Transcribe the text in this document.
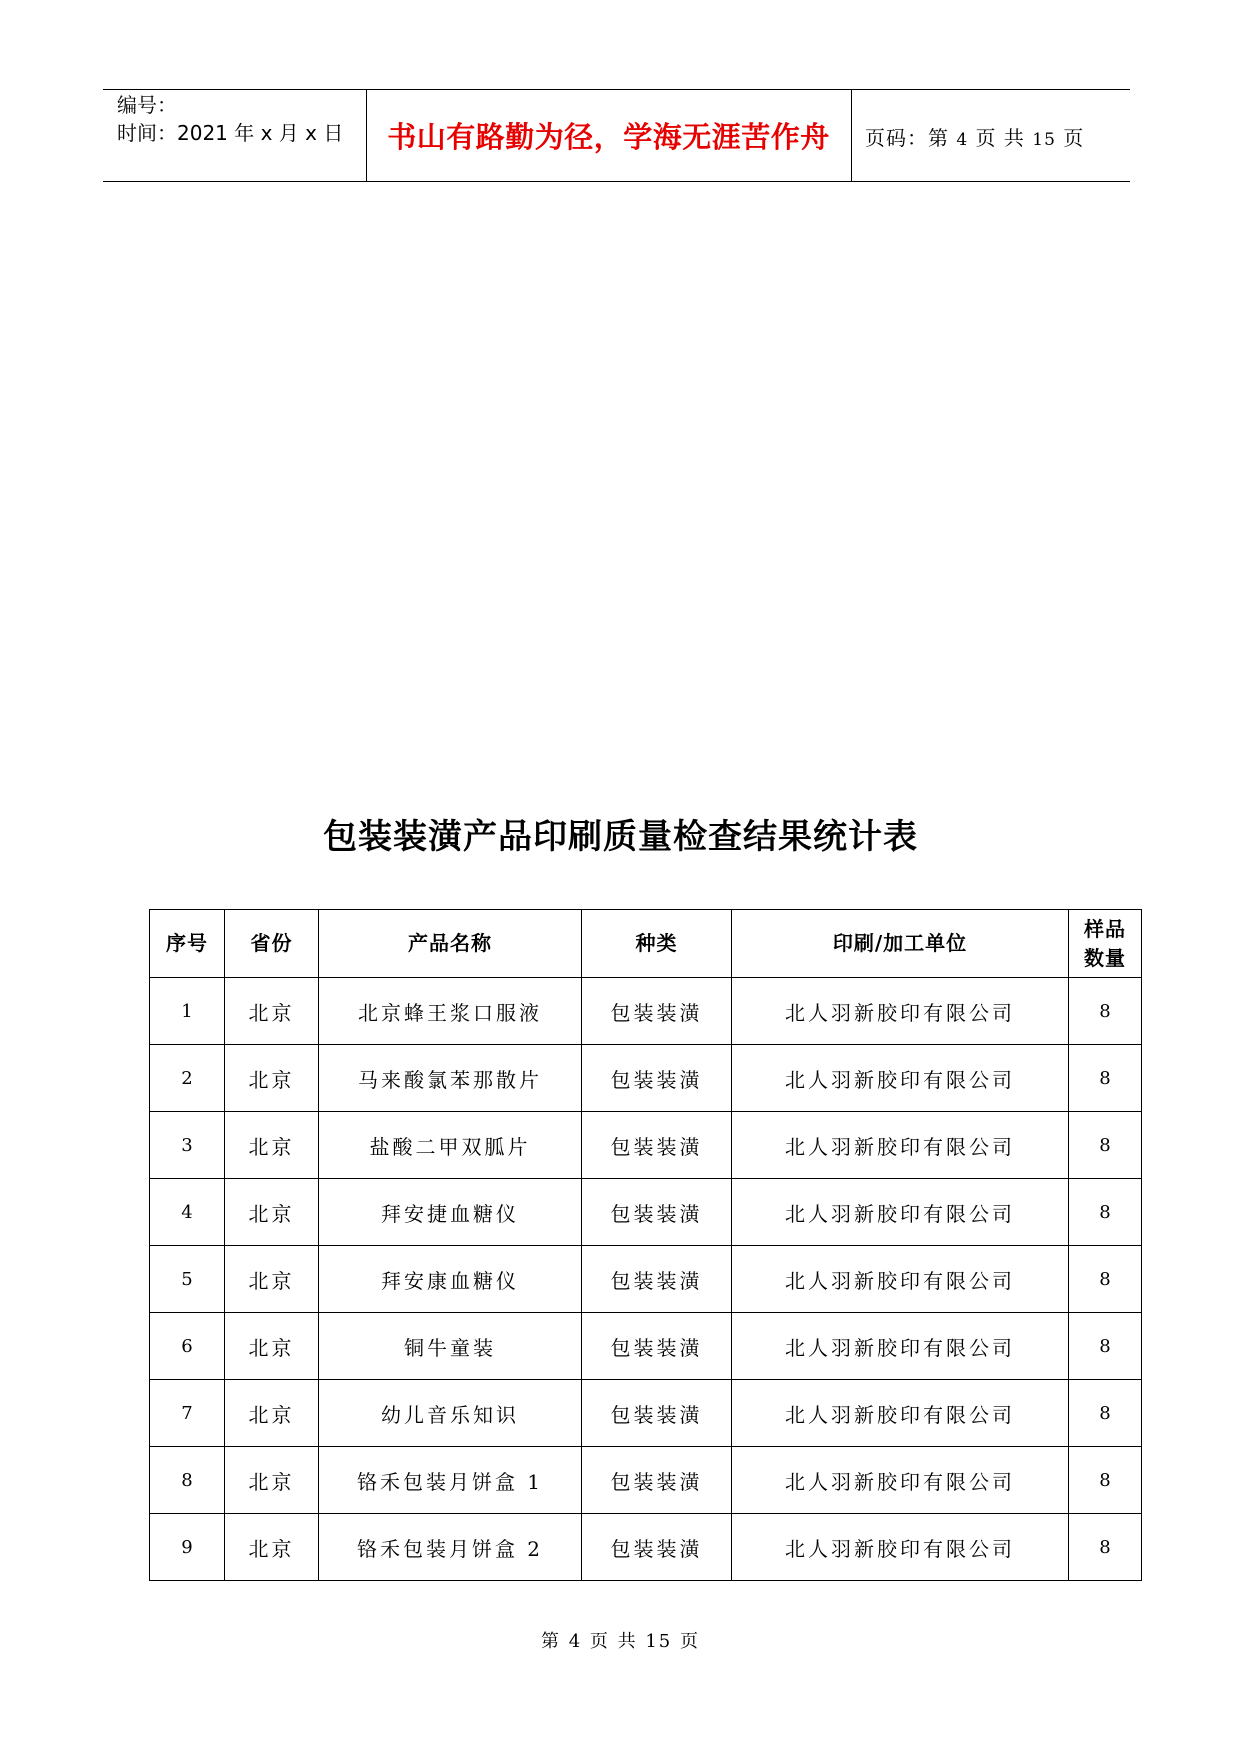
编号：
时间：2021 年 x 月 x 日	书山有路勤为径，学海无涯苦作舟	页码：第 4 页 共 15 页
包装装潢产品印刷质量检查结果统计表
序号	省份	产品名称	种类	印刷/加工单位	样品
数量

1	北京	北京蜂王浆口服液	包装装潢	北人羽新胶印有限公司	8
2	北京	马来酸氯苯那散片	包装装潢	北人羽新胶印有限公司	8
3	北京	盐酸二甲双胍片	包装装潢	北人羽新胶印有限公司	8
4	北京	拜安捷血糖仪	包装装潢	北人羽新胶印有限公司	8
5	北京	拜安康血糖仪	包装装潢	北人羽新胶印有限公司	8
6	北京	铜牛童装	包装装潢	北人羽新胶印有限公司	8
7	北京	幼儿音乐知识	包装装潢	北人羽新胶印有限公司	8
8	北京	铬禾包装月饼盒 1	包装装潢	北人羽新胶印有限公司	8
9	北京	铬禾包装月饼盒 2	包装装潢	北人羽新胶印有限公司	8
第 4 页 共 15 页
